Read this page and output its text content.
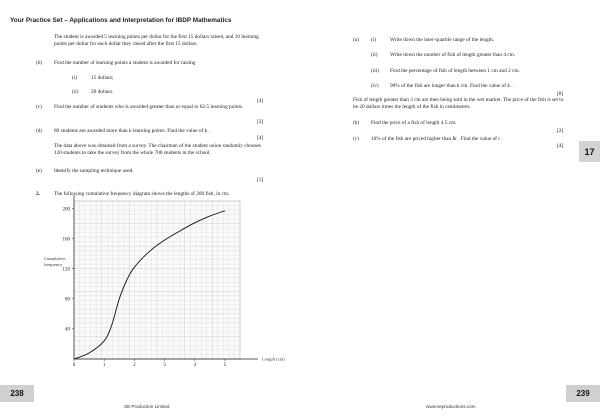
Your Practice Set – Applications and Interpretation for IBDP Mathematics
The student is awarded 5 learning points per dollar for the first 15 dollars raised, and 10 learning points per dollar for each dollar they raised after the first 15 dollars.
(b) Find the number of learning points a student is awarded for raising
(i)	15 dollars;
(ii) 20 dollars.
[4]
(c) Find the number of students who is awarded greater than or equal to 62.5 learning points.
[3]
(d) 80 students are awarded more than k learning points. Find the value of k .
[4]
The data above was obtained from a survey. The chairman of the student union randomly chooses 120 students to take the survey from the whole 700 students in the school.
(e) Identify the sampling technique used.
[1]
2.	The following cumulative frequency diagram shows the lengths of 200 fish, in cm.
0	1	2	3	4	5
40
80
120
160
200
Cumulative frequency
Length (cm)
(a) (i)	Write down the inter-quartile range of the length.
(ii) Write down the number of fish of length greater than 4 cm.
(iii) Find the percentage of fish of length between 1 cm and 2 cm.
(iv) 90% of the fish are longer than k cm. Find the value of k .
[8]
Fish of length greater than 3 cm are then being sold in the wet market. The price of the fish is set to be 20 dollars times the length of the fish in centimetres.
(b) Find the price of a fish of length 4.5 cm.
[2]
(c) 10% of the fish are priced higher than $r . Find the value of r .
[4]
17
238	239
SE Production Limited	www.seproductions.com
